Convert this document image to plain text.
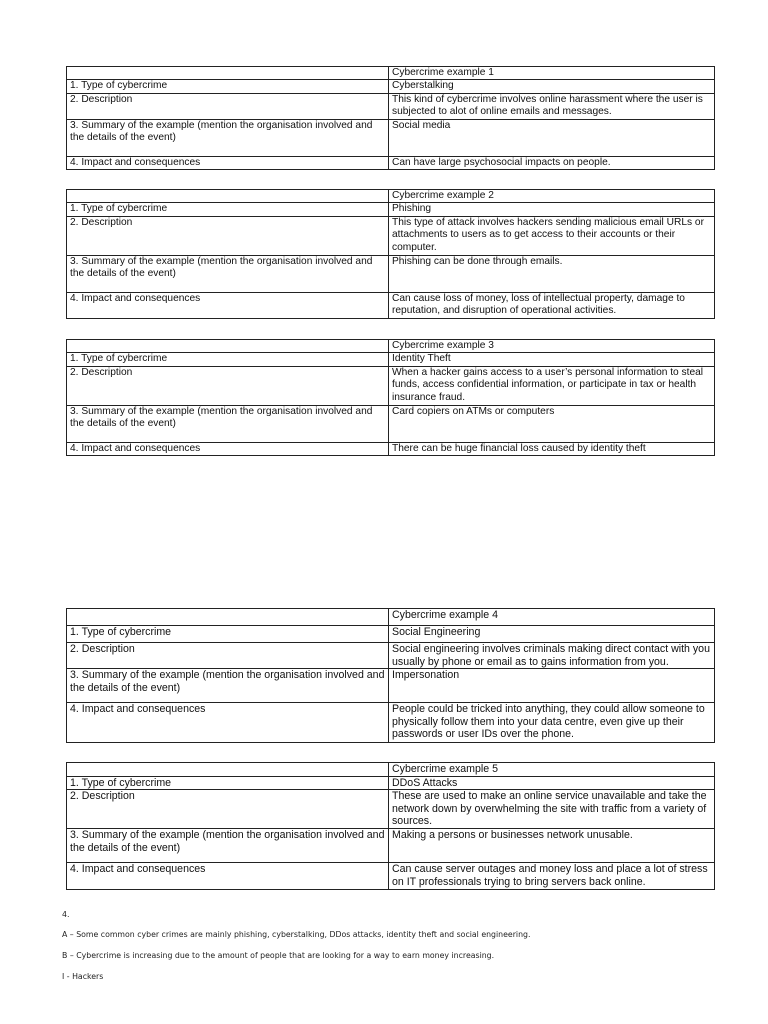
	Cybercrime example 1
1. Type of cybercrime	Cyberstalking
2. Description	This kind of cybercrime involves online harassment where the user is subjected to alot of online emails and messages.
3. Summary of the example (mention the organisation involved and the details of the event)	Social media
4. Impact and consequences	Can have large psychosocial impacts on people.
	Cybercrime example 2
1. Type of cybercrime	Phishing
2. Description	This type of attack involves hackers sending malicious email URLs or attachments to users as to get access to their accounts or their computer.
3. Summary of the example (mention the organisation involved and the details of the event)	Phishing can be done through emails.
4. Impact and consequences	Can cause loss of money, loss of intellectual property, damage to reputation, and disruption of operational activities.
	Cybercrime example 3
1. Type of cybercrime	Identity Theft
2. Description	When a hacker gains access to a user’s personal information to steal funds, access confidential information, or participate in tax or health insurance fraud.
3. Summary of the example (mention the organisation involved and the details of the event)	Card copiers on ATMs or computers
4. Impact and consequences	There can be huge financial loss caused by identity theft
	Cybercrime example 4
1. Type of cybercrime	Social Engineering
2. Description	Social engineering involves criminals making direct contact with you usually by phone or email as to gains information from you.
3. Summary of the example (mention the organisation involved and the details of the event)	Impersonation
4. Impact and consequences	People could be tricked into anything, they could allow someone to physically follow them into your data centre, even give up their passwords or user IDs over the phone.
	Cybercrime example 5
1. Type of cybercrime	DDoS Attacks
2. Description	These are used to make an online service unavailable and take the network down by overwhelming the site with traffic from a variety of sources.
3. Summary of the example (mention the organisation involved and the details of the event)	Making a persons or businesses network unusable.
4. Impact and consequences	Can cause server outages and money loss and place a lot of stress on IT professionals trying to bring servers back online.
4.
A – Some common cyber crimes are mainly phishing, cyberstalking, DDos attacks, identity theft and social engineering.
B – Cybercrime is increasing due to the amount of people that are looking for a way to earn money increasing.
I - Hackers
